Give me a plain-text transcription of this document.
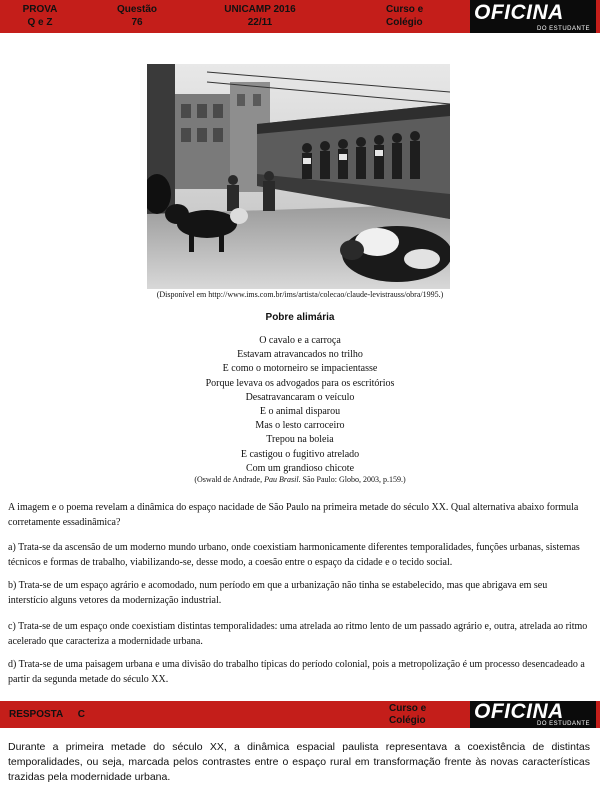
PROVA
Q e Z
Questão
76
UNICAMP 2016
22/11
Curso e
Colégio	OFICINA
DO ESTUDANTE
(Disponível em http://www.ims.com.br/ims/artista/colecao/claude-levistrauss/obra/1995.)
Pobre alimária
O cavalo e a carroça
Estavam atravancados no trilho
E como o motorneiro se impacientasse
Porque levava os advogados para os escritórios
Desatravancaram o veículo
E o animal disparou
Mas o lesto carroceiro
Trepou na boleia
E castigou o fugitivo atrelado
Com um grandioso chicote
(Oswald de Andrade, Pau Brasil. São Paulo: Globo, 2003, p.159.)
A imagem e o poema revelam a dinâmica do espaço nacidade de São Paulo na primeira metade do século XX. Qual alternativa abaixo formula corretamente essadinâmica?
a) Trata-se da ascensão de um moderno mundo urbano, onde coexistiam harmonicamente diferentes temporalidades, funções urbanas, sistemas técnicos e formas de trabalho, viabilizando-se, desse modo, a coesão entre o espaço da cidade e o tecido social.
b) Trata-se de um espaço agrário e acomodado, num período em que a urbanização não tinha se estabelecido, mas que abrigava em seu interstício alguns vetores da modernização industrial.
c) Trata-se de um espaço onde coexistiam distintas temporalidades: uma atrelada ao ritmo lento de um passado agrário e, outra, atrelada ao ritmo acelerado que caracteriza a modernidade urbana.
d) Trata-se de uma paisagem urbana e uma divisão do trabalho típicas do período colonial, pois a metropolização é um processo desencadeado a partir da segunda metade do século XX.
RESPOSTA C
Curso e
Colégio OFICINA
DO ESTUDANTE
Durante a primeira metade do século XX, a dinâmica espacial paulista representava a coexistência de distintas temporalidades, ou seja, marcada pelos contrastes entre o espaço rural em transformação frente às novas características trazidas pela modernidade urbana.
